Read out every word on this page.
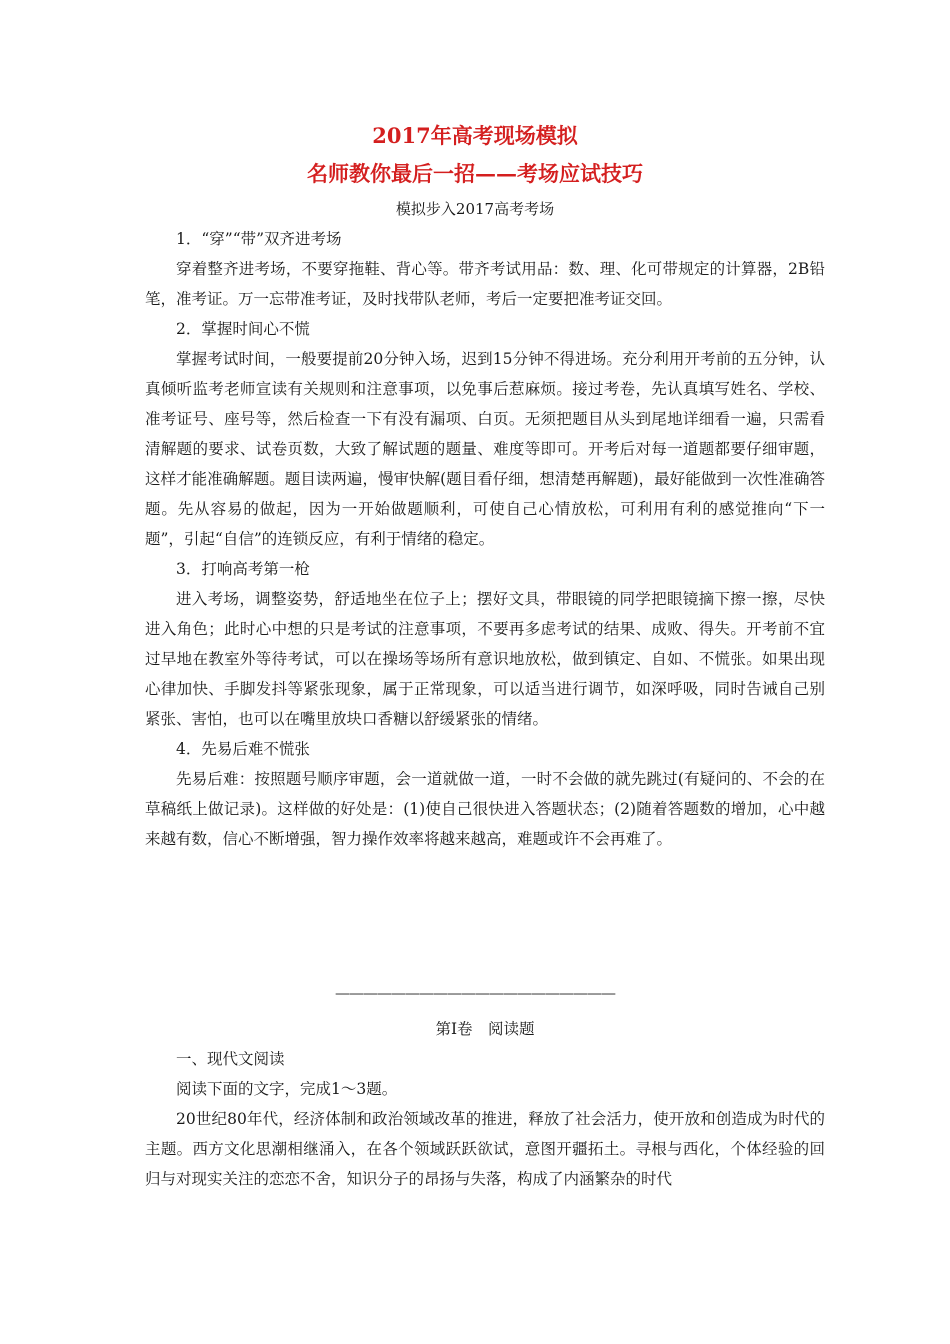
2017年高考现场模拟
名师教你最后一招——考场应试技巧
模拟步入2017高考考场

1．“穿”“带”双齐进考场

穿着整齐进考场，不要穿拖鞋、背心等。带齐考试用品：数、理、化可带规定的计算器，2B铅笔，准考证。万一忘带准考证，及时找带队老师，考后一定要把准考证交回。

2．掌握时间心不慌

掌握考试时间，一般要提前20分钟入场，迟到15分钟不得进场。充分利用开考前的五分钟，认真倾听监考老师宣读有关规则和注意事项，以免事后惹麻烦。接过考卷，先认真填写姓名、学校、准考证号、座号等，然后检查一下有没有漏项、白页。无须把题目从头到尾地详细看一遍，只需看清解题的要求、试卷页数，大致了解试题的题量、难度等即可。开考后对每一道题都要仔细审题，这样才能准确解题。题目读两遍，慢审快解(题目看仔细，想清楚再解题)，最好能做到一次性准确答题。先从容易的做起，因为一开始做题顺利，可使自己心情放松，可利用有利的感觉推向“下一题”，引起“自信”的连锁反应，有利于情绪的稳定。

3．打响高考第一枪

进入考场，调整姿势，舒适地坐在位子上；摆好文具，带眼镜的同学把眼镜摘下擦一擦，尽快进入角色；此时心中想的只是考试的注意事项，不要再多虑考试的结果、成败、得失。开考前不宜过早地在教室外等待考试，可以在操场等场所有意识地放松，做到镇定、自如、不慌张。如果出现心律加快、手脚发抖等紧张现象，属于正常现象，可以适当进行调节，如深呼吸，同时告诫自己别紧张、害怕，也可以在嘴里放块口香糖以舒缓紧张的情绪。

4．先易后难不慌张

先易后难：按照题号顺序审题，会一道就做一道，一时不会做的就先跳过(有疑问的、不会的在草稿纸上做记录)。这样做的好处是：(1)使自己很快进入答题状态；(2)随着答题数的增加，心中越来越有数，信心不断增强，智力操作效率将越来越高，难题或许不会再难了。

————————————————————

第Ⅰ卷　阅读题

一、现代文阅读

阅读下面的文字，完成1～3题。

20世纪80年代，经济体制和政治领域改革的推进，释放了社会活力，使开放和创造成为时代的主题。西方文化思潮相继涌入，在各个领域跃跃欲试，意图开疆拓土。寻根与西化，个体经验的回归与对现实关注的恋恋不舍，知识分子的昂扬与失落，构成了内涵繁杂的时代
